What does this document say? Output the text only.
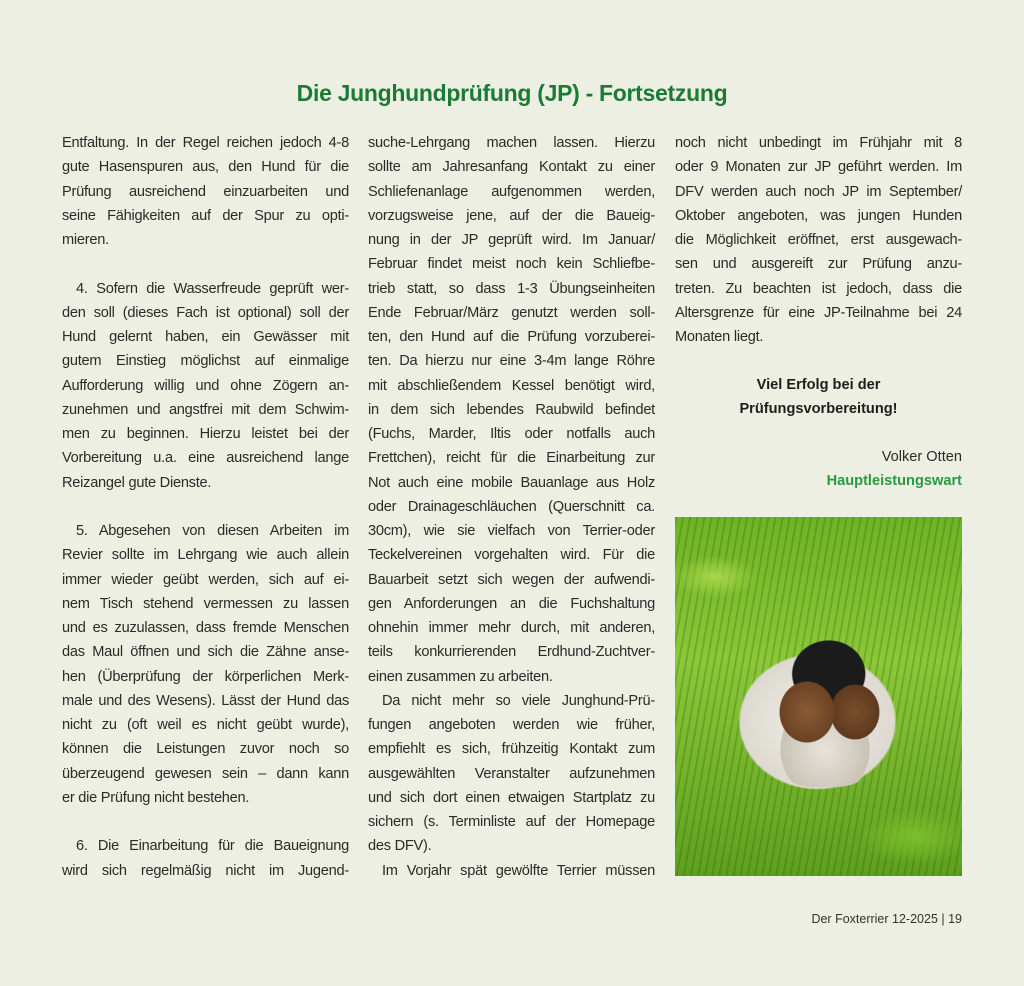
Die Junghundprüfung (JP) - Fortsetzung
Entfaltung. In der Regel reichen jedoch 4-8
gute Hasenspuren aus, den Hund für die
Prüfung ausreichend einzuarbeiten und
seine Fähigkeiten auf der Spur zu opti-
mieren.
4. Sofern die Wasserfreude geprüft wer-
den soll (dieses Fach ist optional) soll der
Hund gelernt haben, ein Gewässer mit
gutem Einstieg möglichst auf einmalige
Aufforderung willig und ohne Zögern an-
zunehmen und angstfrei mit dem Schwim-
men zu beginnen. Hierzu leistet bei der
Vorbereitung u.a. eine ausreichend lange
Reizangel gute Dienste.
5. Abgesehen von diesen Arbeiten im
Revier sollte im Lehrgang wie auch allein
immer wieder geübt werden, sich auf ei-
nem Tisch stehend vermessen zu lassen
und es zuzulassen, dass fremde Menschen
das Maul öffnen und sich die Zähne anse-
hen (Überprüfung der körperlichen Merk-
male und des Wesens). Lässt der Hund das
nicht zu (oft weil es nicht geübt wurde),
können die Leistungen zuvor noch so
überzeugend gewesen sein – dann kann
er die Prüfung nicht bestehen.
6. Die Einarbeitung für die Baueignung
wird sich regelmäßig nicht im Jugend-
suche-Lehrgang machen lassen. Hierzu
sollte am Jahresanfang Kontakt zu einer
Schliefenanlage aufgenommen werden,
vorzugsweise jene, auf der die Baueig-
nung in der JP geprüft wird. Im Januar/
Februar findet meist noch kein Schliefbe-
trieb statt, so dass 1-3 Übungseinheiten
Ende Februar/März genutzt werden soll-
ten, den Hund auf die Prüfung vorzuberei-
ten. Da hierzu nur eine 3-4m lange Röhre
mit abschließendem Kessel benötigt wird,
in dem sich lebendes Raubwild befindet
(Fuchs, Marder, Iltis oder notfalls auch
Frettchen), reicht für die Einarbeitung zur
Not auch eine mobile Bauanlage aus Holz
oder Drainageschläuchen (Querschnitt ca.
30cm), wie sie vielfach von Terrier-oder
Teckelvereinen vorgehalten wird. Für die
Bauarbeit setzt sich wegen der aufwendi-
gen Anforderungen an die Fuchshaltung
ohnehin immer mehr durch, mit anderen,
teils konkurrierenden Erdhund-Zuchtver-
einen zusammen zu arbeiten.
Da nicht mehr so viele Junghund-Prü-
fungen angeboten werden wie früher,
empfiehlt es sich, frühzeitig Kontakt zum
ausgewählten Veranstalter aufzunehmen
und sich dort einen etwaigen Startplatz zu
sichern (s. Terminliste auf der Homepage
des DFV).
Im Vorjahr spät gewölfte Terrier müssen
noch nicht unbedingt im Frühjahr mit 8
oder 9 Monaten zur JP geführt werden. Im
DFV werden auch noch JP im September/
Oktober angeboten, was jungen Hunden
die Möglichkeit eröffnet, erst ausgewach-
sen und ausgereift zur Prüfung anzu-
treten. Zu beachten ist jedoch, dass die
Altersgrenze für eine JP-Teilnahme bei 24
Monaten liegt.
Viel Erfolg bei der
Prüfungsvorbereitung!
Volker Otten
Hauptleistungswart
Der Foxterrier 12-2025 | 19
